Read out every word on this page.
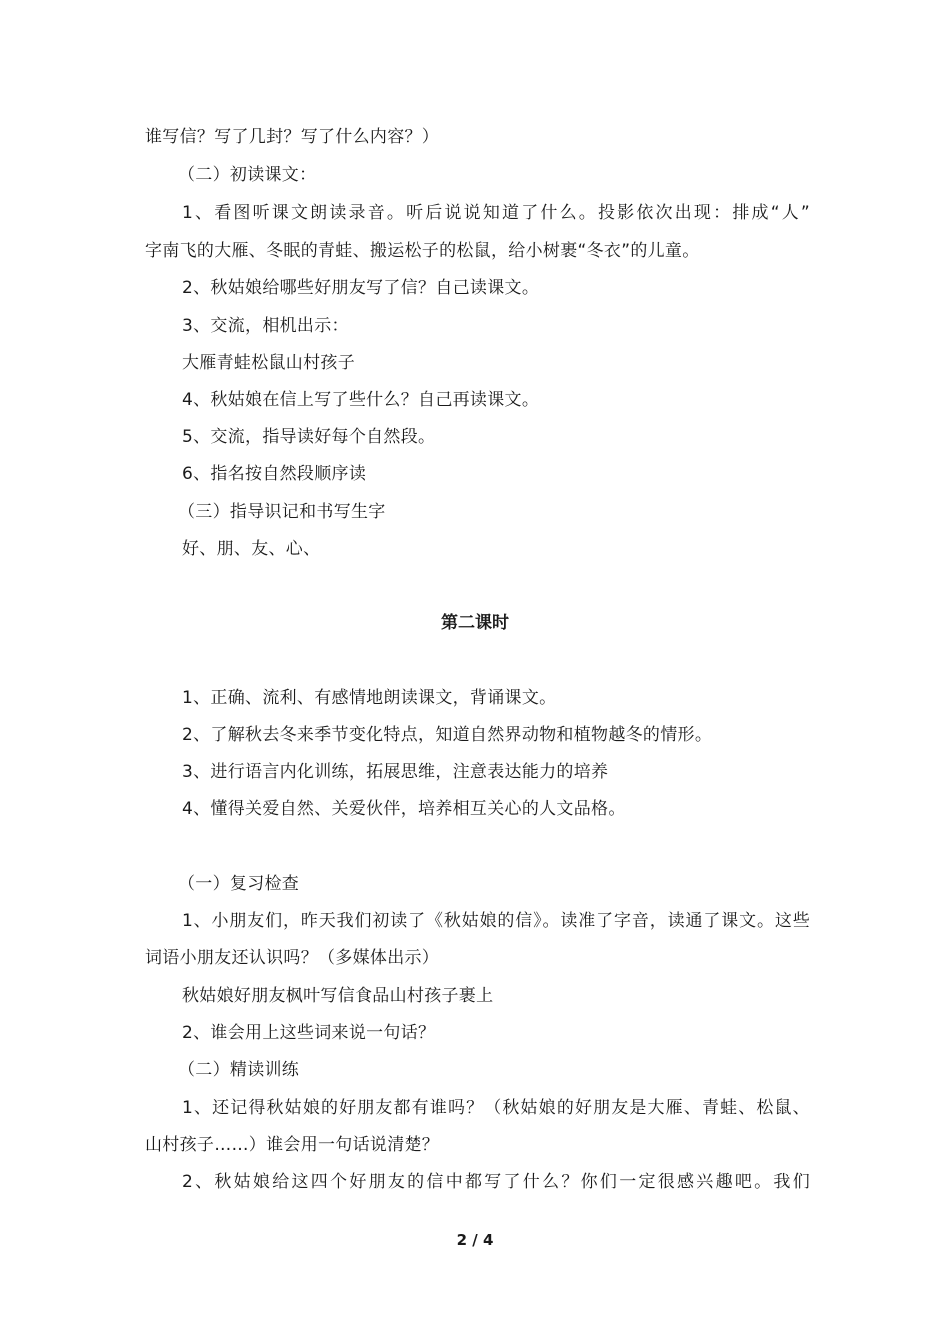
谁写信？写了几封？写了什么内容？）
（二）初读课文：
1、看图听课文朗读录音。听后说说知道了什么。投影依次出现：排成“人”
字南飞的大雁、冬眠的青蛙、搬运松子的松鼠，给小树裹“冬衣”的儿童。
2、秋姑娘给哪些好朋友写了信？自己读课文。
3、交流，相机出示：
大雁青蛙松鼠山村孩子
4、秋姑娘在信上写了些什么？自己再读课文。
5、交流，指导读好每个自然段。
6、指名按自然段顺序读
（三）指导识记和书写生字
好、朋、友、心、
第二课时
1、正确、流利、有感情地朗读课文，背诵课文。
2、了解秋去冬来季节变化特点，知道自然界动物和植物越冬的情形。
3、进行语言内化训练，拓展思维，注意表达能力的培养
4、懂得关爱自然、关爱伙伴，培养相互关心的人文品格。
（一）复习检查
1、小朋友们，昨天我们初读了《秋姑娘的信》。读准了字音，读通了课文。这些
词语小朋友还认识吗？（多媒体出示）
秋姑娘好朋友枫叶写信食品山村孩子裹上
2、谁会用上这些词来说一句话？
（二）精读训练
1、还记得秋姑娘的好朋友都有谁吗？（秋姑娘的好朋友是大雁、青蛙、松鼠、
山村孩子……）谁会用一句话说清楚？
2、秋姑娘给这四个好朋友的信中都写了什么？你们一定很感兴趣吧。我们
2 / 4
